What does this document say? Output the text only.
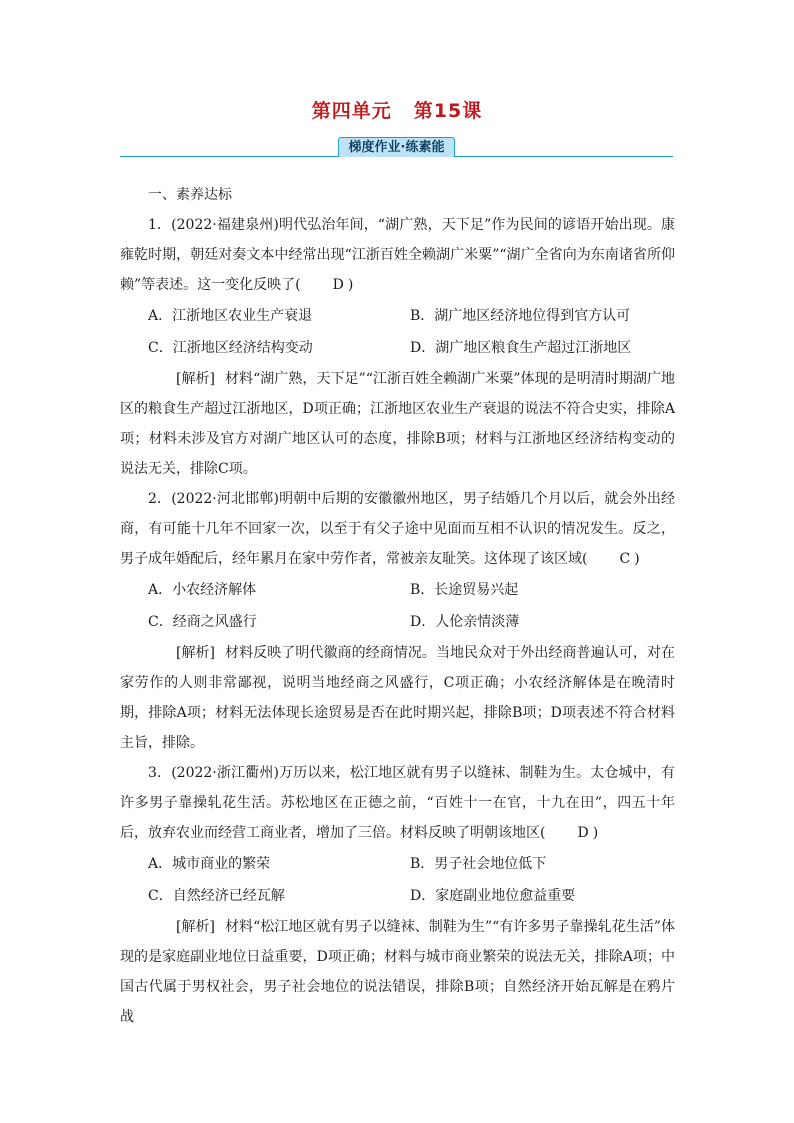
第四单元 第15课
梯度作业·练素能

一、素养达标

1．(2022·福建泉州)明代弘治年间，“湖广熟，天下足”作为民间的谚语开始出现。康雍乾时期，朝廷对奏文本中经常出现“江浙百姓全赖湖广米粟”“湖广全省向为东南诸省所仰赖”等表述。这一变化反映了( D )

A．江浙地区农业生产衰退	B．湖广地区经济地位得到官方认可
C．江浙地区经济结构变动	D．湖广地区粮食生产超过江浙地区

[解析] 材料“湖广熟，天下足”“江浙百姓全赖湖广米粟”体现的是明清时期湖广地区的粮食生产超过江浙地区，D项正确；江浙地区农业生产衰退的说法不符合史实，排除A项；材料未涉及官方对湖广地区认可的态度，排除B项；材料与江浙地区经济结构变动的说法无关，排除C项。

2．(2022·河北邯郸)明朝中后期的安徽徽州地区，男子结婚几个月以后，就会外出经商，有可能十几年不回家一次，以至于有父子途中见面而互相不认识的情况发生。反之，男子成年婚配后，经年累月在家中劳作者，常被亲友耻笑。这体现了该区域( C )

A．小农经济解体	B．长途贸易兴起
C．经商之风盛行	D．人伦亲情淡薄

[解析] 材料反映了明代徽商的经商情况。当地民众对于外出经商普遍认可，对在家劳作的人则非常鄙视，说明当地经商之风盛行，C项正确；小农经济解体是在晚清时期，排除A项；材料无法体现长途贸易是否在此时期兴起，排除B项；D项表述不符合材料主旨，排除。

3．(2022·浙江衢州)万历以来，松江地区就有男子以缝袜、制鞋为生。太仓城中，有许多男子靠操轧花生活。苏松地区在正德之前，“百姓十一在官，十九在田”，四五十年后，放弃农业而经营工商业者，增加了三倍。材料反映了明朝该地区( D )

A．城市商业的繁荣	B．男子社会地位低下
C．自然经济已经瓦解	D．家庭副业地位愈益重要

[解析] 材料“松江地区就有男子以缝袜、制鞋为生”“有许多男子靠操轧花生活”体现的是家庭副业地位日益重要，D项正确；材料与城市商业繁荣的说法无关，排除A项；中国古代属于男权社会，男子社会地位的说法错误，排除B项；自然经济开始瓦解是在鸦片战
